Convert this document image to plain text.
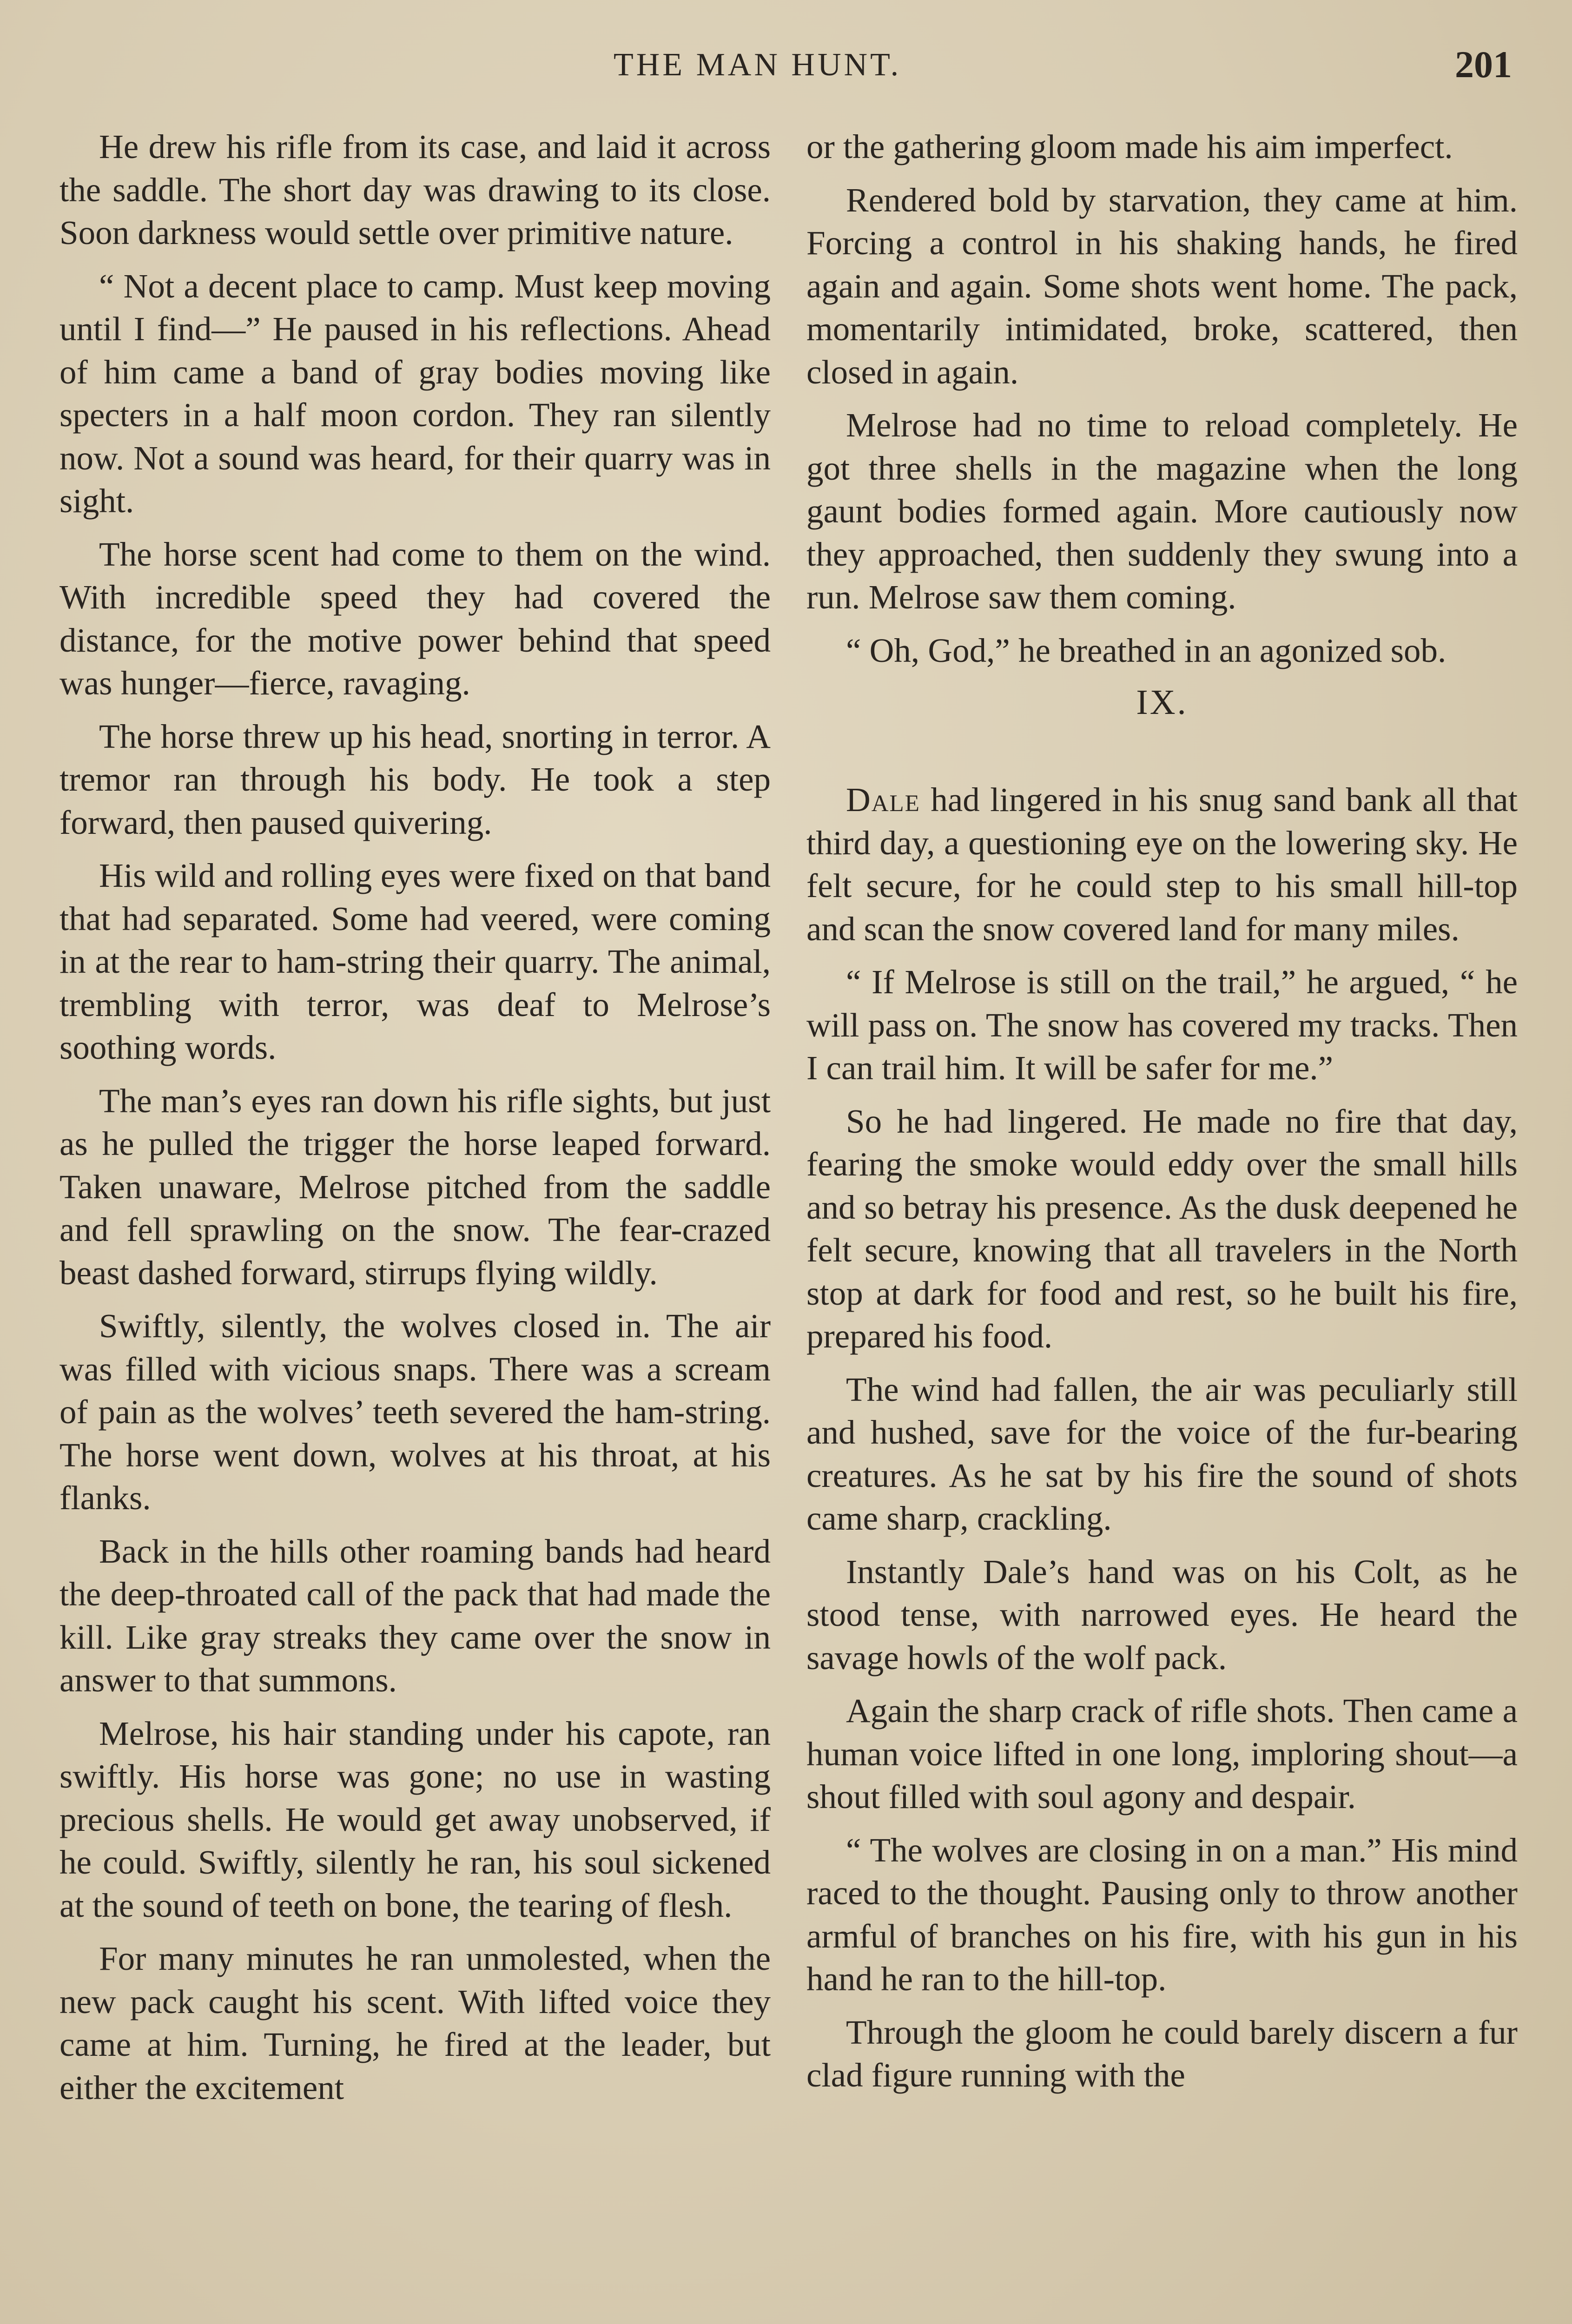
THE MAN HUNT.	201

He drew his rifle from its case, and laid it across the saddle. The short day was drawing to its close. Soon darkness would settle over primitive nature.

“ Not a decent place to camp. Must keep moving until I find—” He paused in his reflections. Ahead of him came a band of gray bodies moving like specters in a half moon cordon. They ran silently now. Not a sound was heard, for their quarry was in sight.

The horse scent had come to them on the wind. With incredible speed they had covered the distance, for the motive power behind that speed was hunger—fierce, ravaging.

The horse threw up his head, snorting in terror. A tremor ran through his body. He took a step forward, then paused quivering.

His wild and rolling eyes were fixed on that band that had separated. Some had veered, were coming in at the rear to ham-string their quarry. The animal, trembling with terror, was deaf to Melrose’s soothing words.

The man’s eyes ran down his rifle sights, but just as he pulled the trigger the horse leaped forward. Taken unaware, Melrose pitched from the saddle and fell sprawling on the snow. The fear-crazed beast dashed forward, stirrups flying wildly.

Swiftly, silently, the wolves closed in. The air was filled with vicious snaps. There was a scream of pain as the wolves’ teeth severed the ham-string. The horse went down, wolves at his throat, at his flanks.

Back in the hills other roaming bands had heard the deep-throated call of the pack that had made the kill. Like gray streaks they came over the snow in answer to that summons.

Melrose, his hair standing under his capote, ran swiftly. His horse was gone; no use in wasting precious shells. He would get away unobserved, if he could. Swiftly, silently he ran, his soul sickened at the sound of teeth on bone, the tearing of flesh.

For many minutes he ran unmolested, when the new pack caught his scent. With lifted voice they came at him. Turning, he fired at the leader, but either the excitement

or the gathering gloom made his aim imperfect.

Rendered bold by starvation, they came at him. Forcing a control in his shaking hands, he fired again and again. Some shots went home. The pack, momentarily intimidated, broke, scattered, then closed in again.

Melrose had no time to reload completely. He got three shells in the magazine when the long gaunt bodies formed again. More cautiously now they approached, then suddenly they swung into a run. Melrose saw them coming.

“ Oh, God,” he breathed in an agonized sob.

IX.

Dale had lingered in his snug sand bank all that third day, a questioning eye on the lowering sky. He felt secure, for he could step to his small hill-top and scan the snow covered land for many miles.

“ If Melrose is still on the trail,” he argued, “ he will pass on. The snow has covered my tracks. Then I can trail him. It will be safer for me.”

So he had lingered. He made no fire that day, fearing the smoke would eddy over the small hills and so betray his presence. As the dusk deepened he felt secure, knowing that all travelers in the North stop at dark for food and rest, so he built his fire, prepared his food.

The wind had fallen, the air was peculiarly still and hushed, save for the voice of the fur-bearing creatures. As he sat by his fire the sound of shots came sharp, crackling.

Instantly Dale’s hand was on his Colt, as he stood tense, with narrowed eyes. He heard the savage howls of the wolf pack.

Again the sharp crack of rifle shots. Then came a human voice lifted in one long, imploring shout—a shout filled with soul agony and despair.

“ The wolves are closing in on a man.” His mind raced to the thought. Pausing only to throw another armful of branches on his fire, with his gun in his hand he ran to the hill-top.

Through the gloom he could barely discern a fur clad figure running with the
